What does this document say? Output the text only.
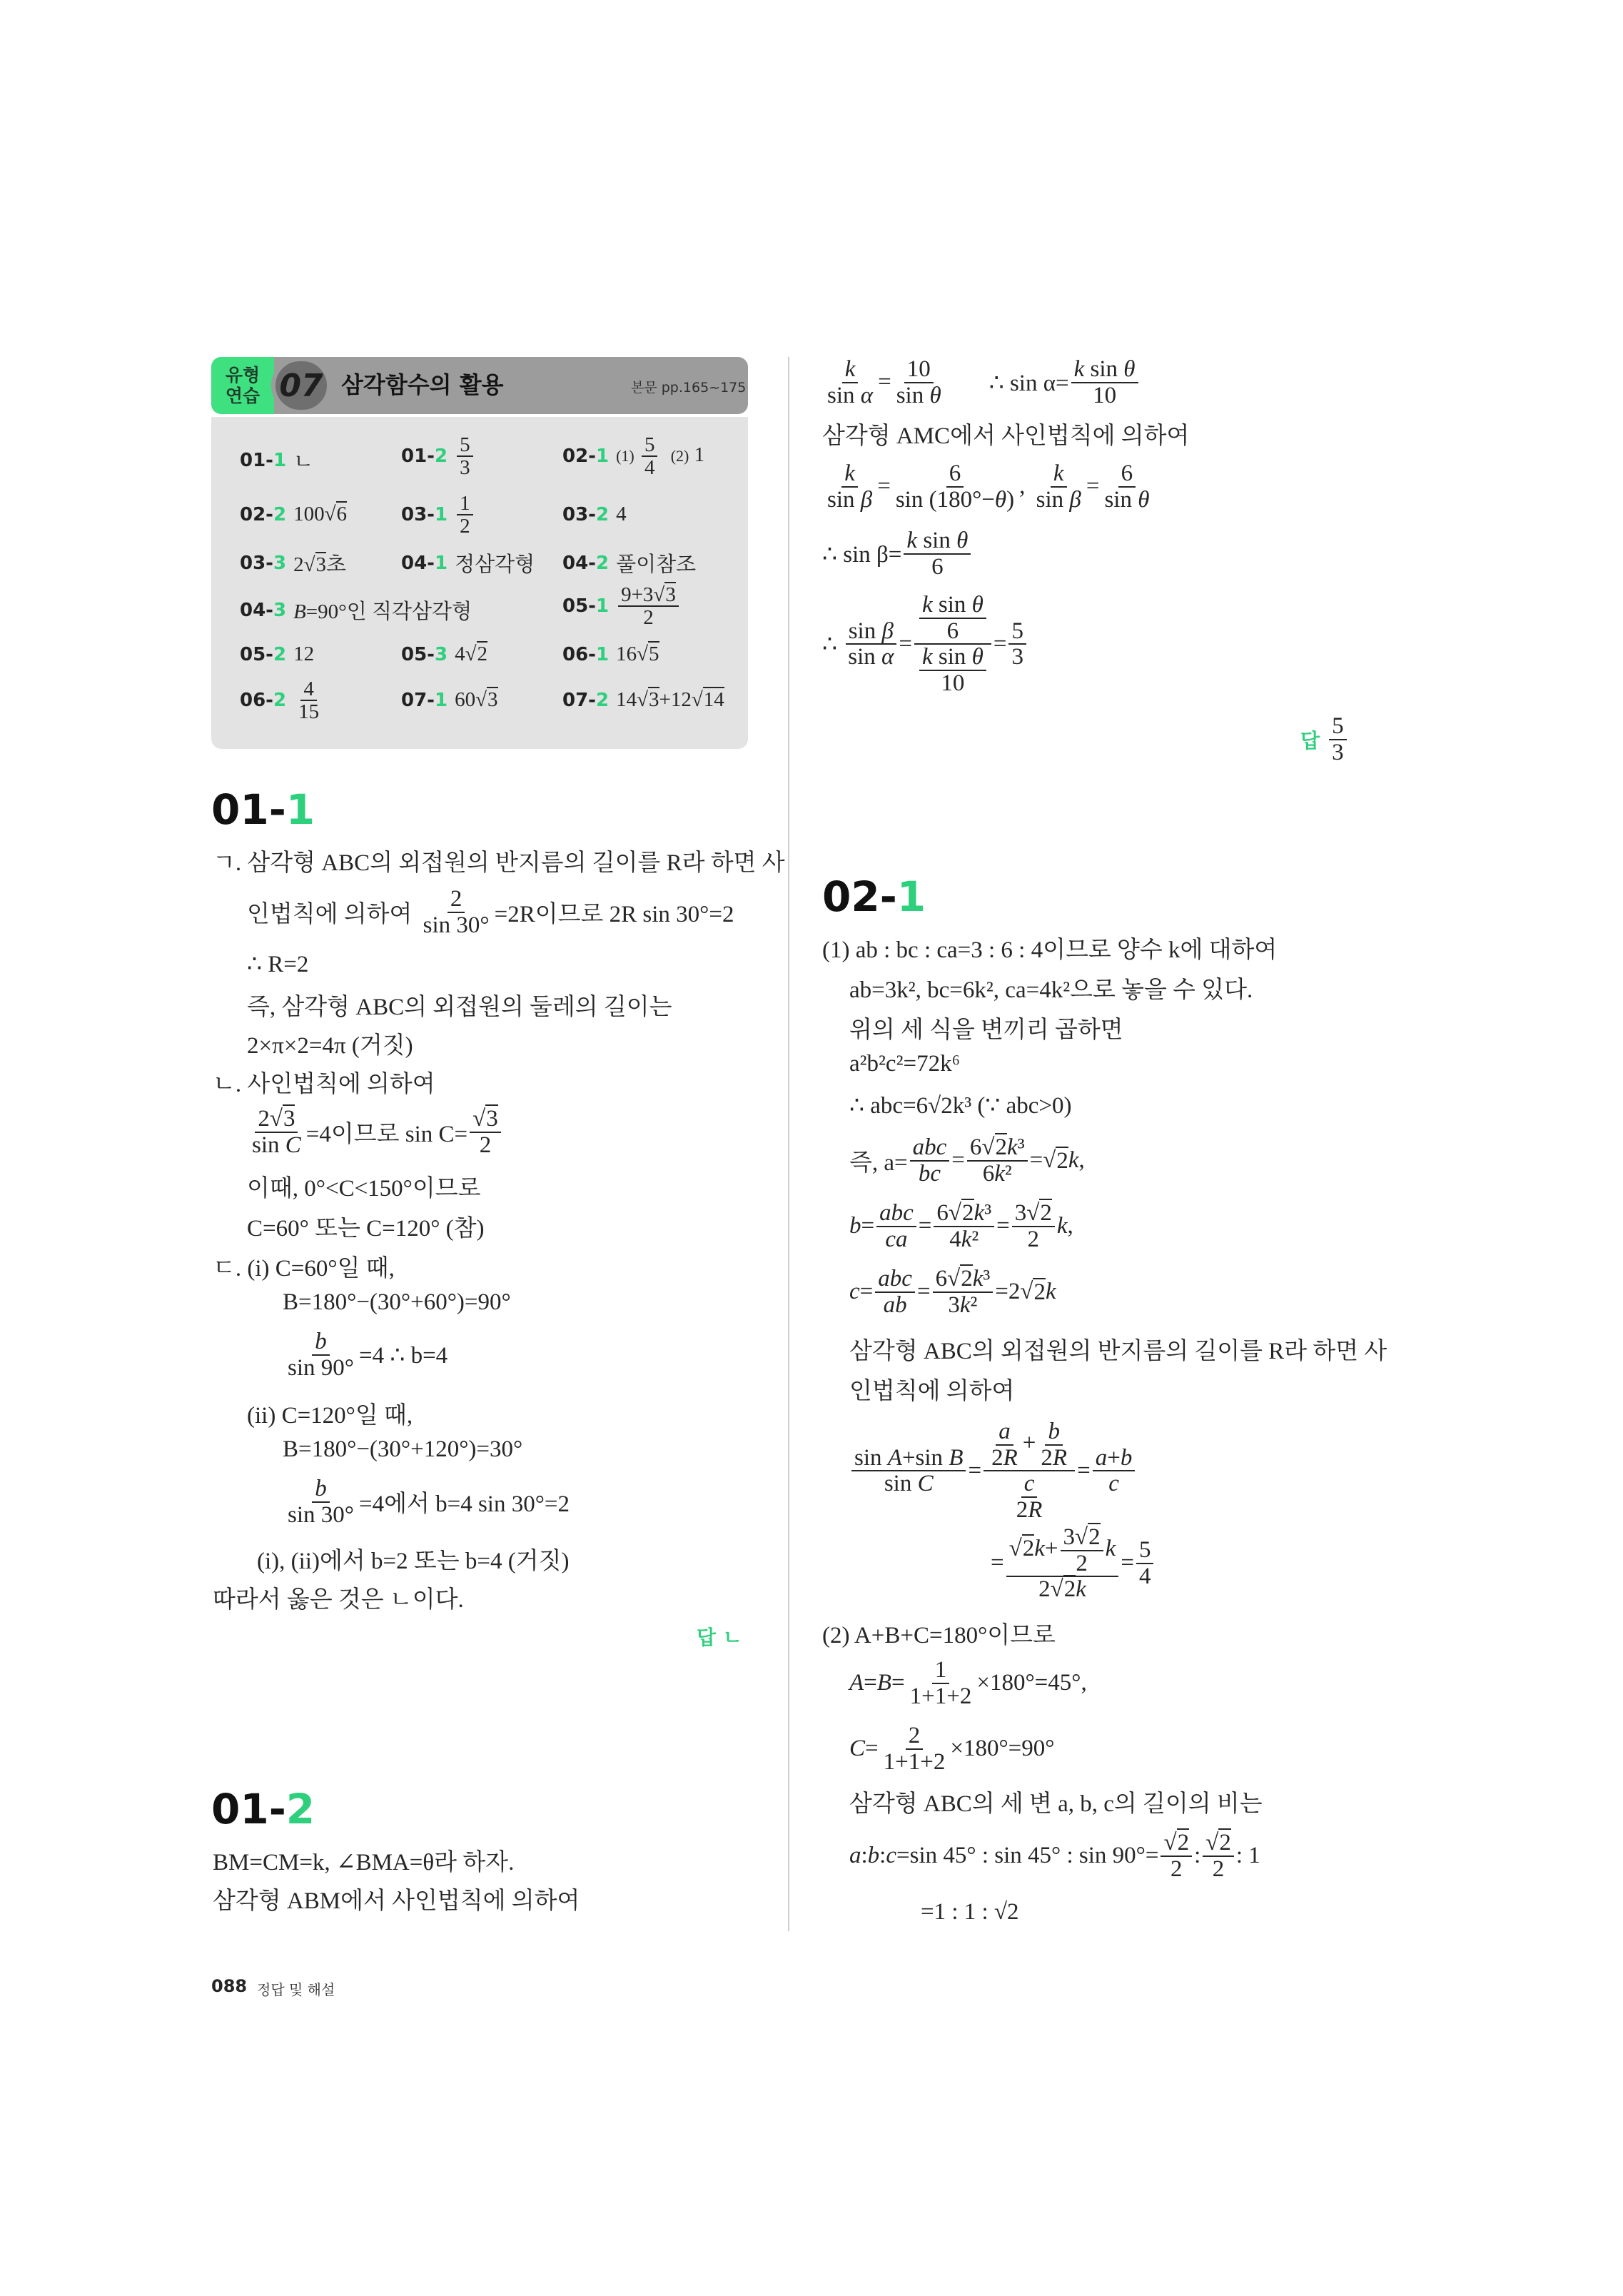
유형
연습 07 삼각함수의 활용	본문 pp.165~175
01-1 ㄴ	$01-2 \frac{5}{3}$	02-1 $(1) \frac{5}{4} (2)$ 1
02-2 100√6	$03-1 \frac{1}{2}$	03-2 4
03-3 2√3초	04-1 정삼각형 04-2 풀이참조
04-3 B=90°인 직각삼각형	$05-1 \frac{9+3√3}{2}$
05-2 12	05-3 4√2	06-1 16√5
$06-2 \frac{4}{15}$	07-1 60√3	07-2 14√3+12√14
01-1
ㄱ. 삼각형 ABC의 외접원의 반지름의 길이를 R라 하면 사
인법칙에 의하여
$\frac{2}{\sin 30^\circ} =2R$이므로 2R sin 30°=2
∴ R=2
즉, 삼각형 ABC의 외접원의 둘레의 길이는
2×π×2=4π (거짓)
ㄴ. 사인법칙에 의하여
$\frac{2√3}{\text{sin C}} =4$이므로 $\sin C= \frac{√3}{2}$
이때, 0°<C<150°이므로
C=60° 또는 C=120° (참)
ㄷ. (i) C=60°일 때,
B=180°−(30°+60°)=90°
$\frac{b}{\sin 90^\circ} =4$ ∴ b=4
(ii) C=120°일 때,
B=180°−(30°+120°)=30°
$\frac{b}{\sin 30^\circ} =4$에서 b=4 sin 30°=2
(i), (ii)에서 b=2 또는 b=4 (거짓)
따라서 옳은 것은 ㄴ이다.
답 ㄴ
01-2
BM=CM=k, ∠BMA=θ라 하자.
삼각형 ABM에서 사인법칙에 의하여
$\frac{k}{\text{sin α}} = \frac{10}{\text{sin θ}}$ ∴ $\sin \alpha= \frac{\text{k sin θ}}{10}$
삼각형 AMC에서 사인법칙에 의하여
$\frac{k}{\text{sin β}} = \frac{6}{\sin (180^\circ-\theta)}$ , $\frac{k}{\text{sin β}} = \frac{6}{\text{sin θ}}$
∴ $\sin \beta= \frac{\text{k sin θ}}{6}$
∴ $\frac{\text{sin β}}{\text{sin α}} = \frac{\frac{\text{k sin θ}}{6}}{\frac{\text{k sin θ}}{10}} = \frac{5}{3}$
답 $\frac{5}{3}$
02-1
(1) ab : bc : ca=3 : 6 : 4이므로 양수 k에 대하여
ab=3k², bc=6k², ca=4k²으로 놓을 수 있다.
위의 세 식을 변끼리 곱하면
a²b²c²=72k⁶
∴ abc=6√2k³ (∵ abc>0)
즉, $a= \frac{\text{abc}}{bc} = \frac{\text{6√2k³}}{\text{6k²}}$ =√ 2 k ,
$b = \frac{\text{abc}}{ca} = \frac{\text{6√2k³}}{\text{4k²}} = \frac{3√2}{2}$ k ,
$c = \frac{\text{abc}}{ab} = \frac{\text{6√2k³}}{\text{3k²}} =2√$ 2 k
삼각형 ABC의 외접원의 반지름의 길이를 R라 하면 사
인법칙에 의하여
$\frac{\text{sin A+sin B}}{\text{sin C}} = \frac{\frac{a}{2R} + \frac{b}{2R}}{\frac{c}{2R}} = \frac{a+b}{c}$
= $\frac{√2k+ \frac{3√2}{2} k}{2√2k} = \frac{5}{4}$
(2) A+B+C=180°이므로
$A = B = \frac{1}{1+1+2} \times 180^\circ=45^\circ$,
$C = \frac{2}{1+1+2} \times 180^\circ=90^\circ$
삼각형 ABC의 세 변 a, b, c의 길이의 비는
a : b : c =sin 45° : sin 45° : $\sin 90^\circ= \frac{√2}{2}$ : $\frac{√2}{2}$ : 1
=1 : 1 : √2
088 정답 및 해설
